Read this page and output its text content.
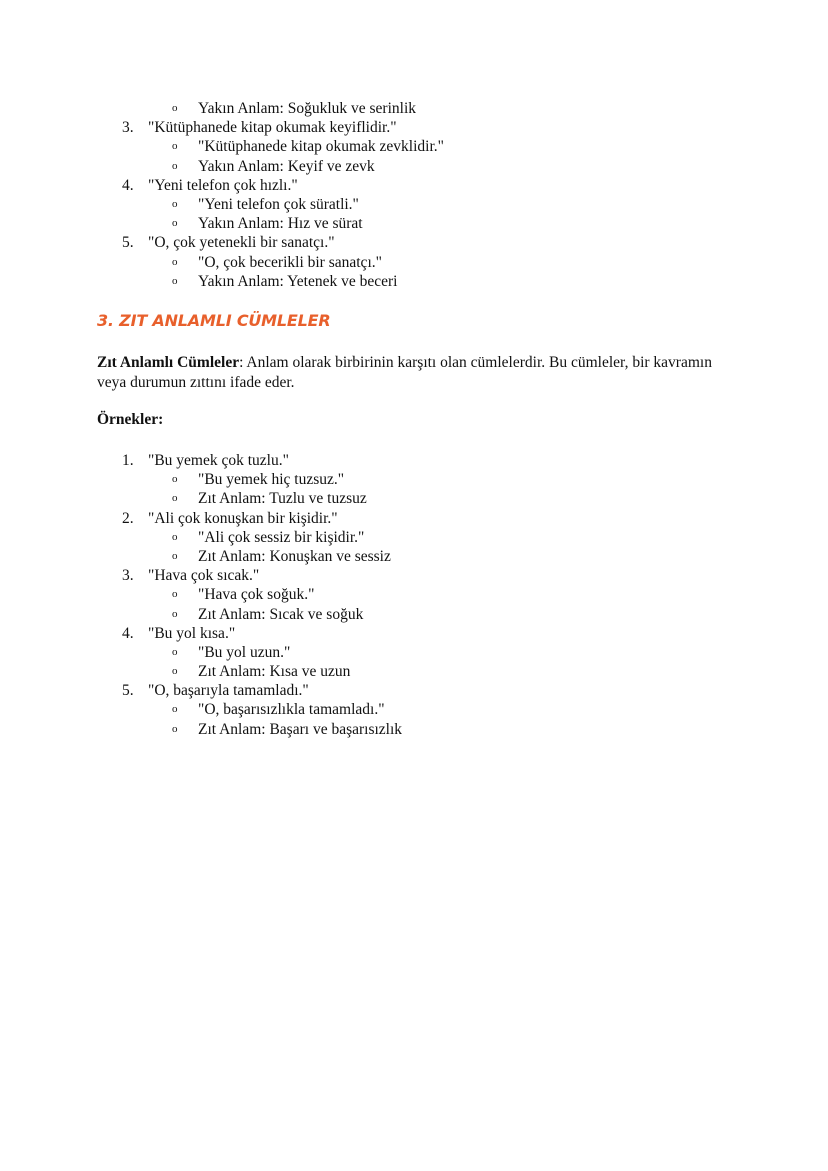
o Yakın Anlam: Soğukluk ve serinlik
3. "Kütüphanede kitap okumak keyiflidir."
o "Kütüphanede kitap okumak zevklidir."
o Yakın Anlam: Keyif ve zevk
4. "Yeni telefon çok hızlı."
o "Yeni telefon çok süratli."
o Yakın Anlam: Hız ve sürat
5. "O, çok yetenekli bir sanatçı."
o "O, çok becerikli bir sanatçı."
o Yakın Anlam: Yetenek ve beceri
3. ZIT ANLAMLI CÜMLELER
Zıt Anlamlı Cümleler: Anlam olarak birbirinin karşıtı olan cümlelerdir. Bu cümleler, bir kavramın veya durumun zıttını ifade eder.
Örnekler:
1. "Bu yemek çok tuzlu."
o "Bu yemek hiç tuzsuz."
o Zıt Anlam: Tuzlu ve tuzsuz
2. "Ali çok konuşkan bir kişidir."
o "Ali çok sessiz bir kişidir."
o Zıt Anlam: Konuşkan ve sessiz
3. "Hava çok sıcak."
o "Hava çok soğuk."
o Zıt Anlam: Sıcak ve soğuk
4. "Bu yol kısa."
o "Bu yol uzun."
o Zıt Anlam: Kısa ve uzun
5. "O, başarıyla tamamladı."
o "O, başarısızlıkla tamamladı."
o Zıt Anlam: Başarı ve başarısızlık
